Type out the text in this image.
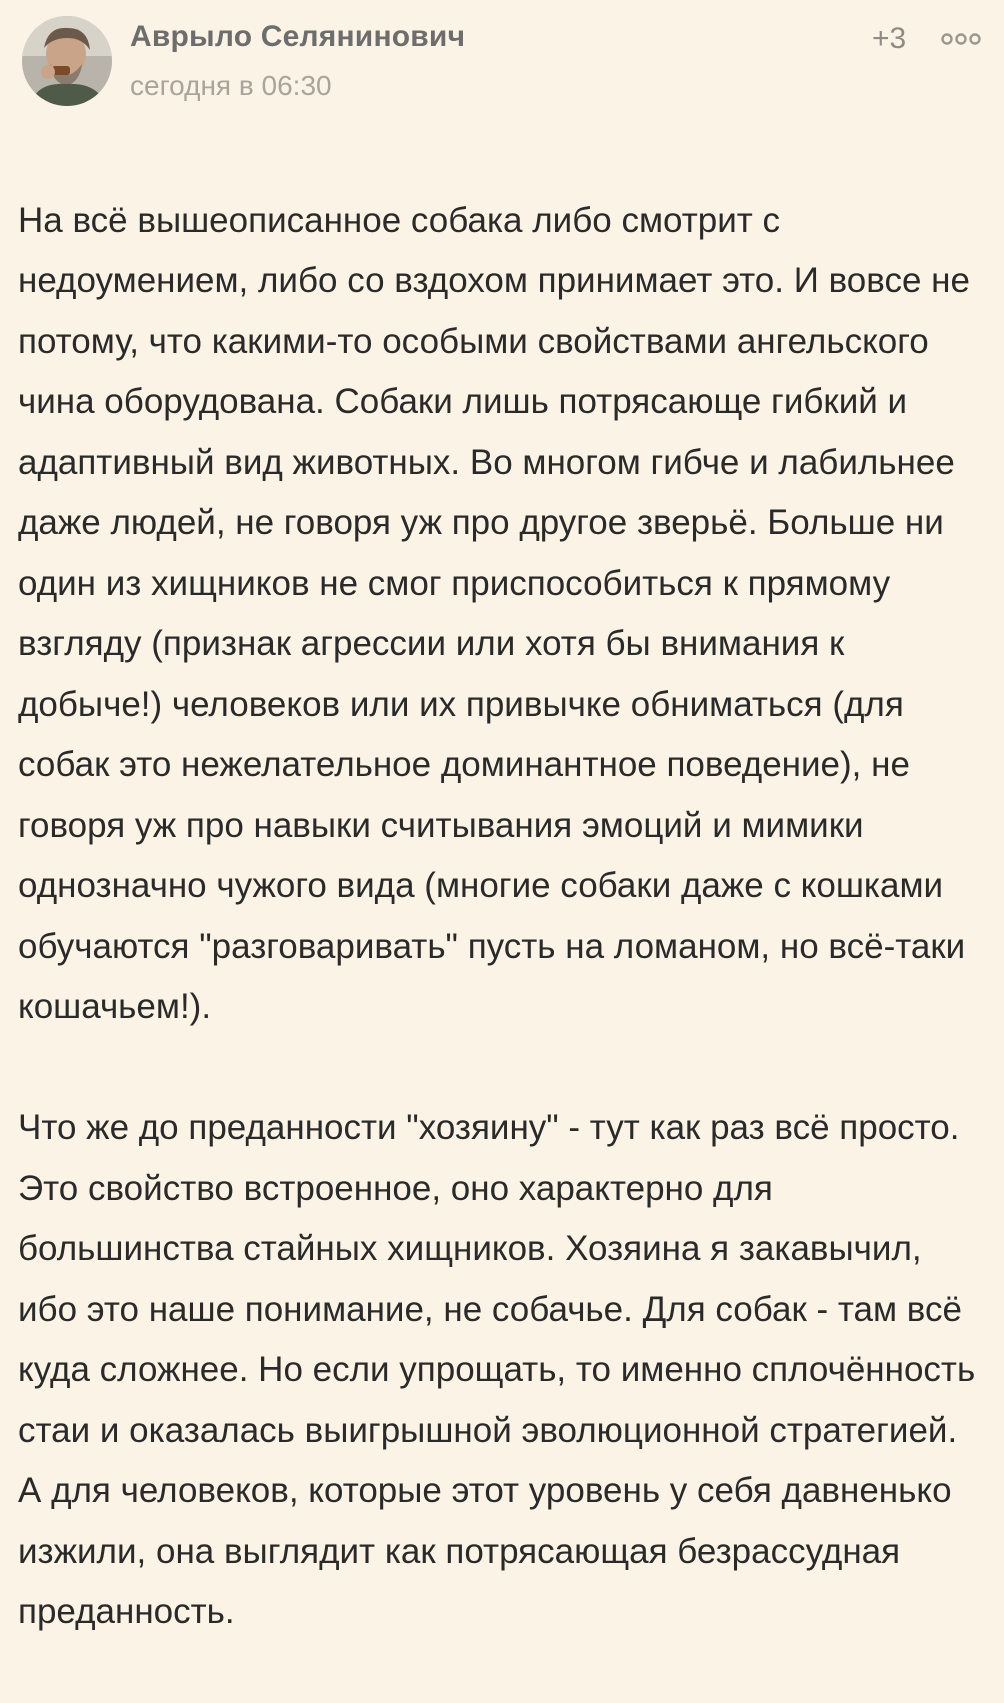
Аврыло Селянинович
сегодня в 06:30
+3

На всё вышеописанное собака либо смотрит с недоумением, либо со вздохом принимает это. И вовсе не потому, что какими-то особыми свойствами ангельского чина оборудована. Собаки лишь потрясающе гибкий и адаптивный вид животных. Во многом гибче и лабильнее даже людей, не говоря уж про другое зверьё. Больше ни один из хищников не смог приспособиться к прямому взгляду (признак агрессии или хотя бы внимания к добыче!) человеков или их привычке обниматься (для собак это нежелательное доминантное поведение), не говоря уж про навыки считывания эмоций и мимики однозначно чужого вида (многие собаки даже с кошками обучаются "разговаривать" пусть на ломаном, но всё-таки кошачьем!).

Что же до преданности "хозяину" - тут как раз всё просто. Это свойство встроенное, оно характерно для большинства стайных хищников. Хозяина я закавычил, ибо это наше понимание, не собачье. Для собак - там всё куда сложнее. Но если упрощать, то именно сплочённость стаи и оказалась выигрышной эволюционной стратегией. А для человеков, которые этот уровень у себя давненько изжили, она выглядит как потрясающая безрассудная преданность.
